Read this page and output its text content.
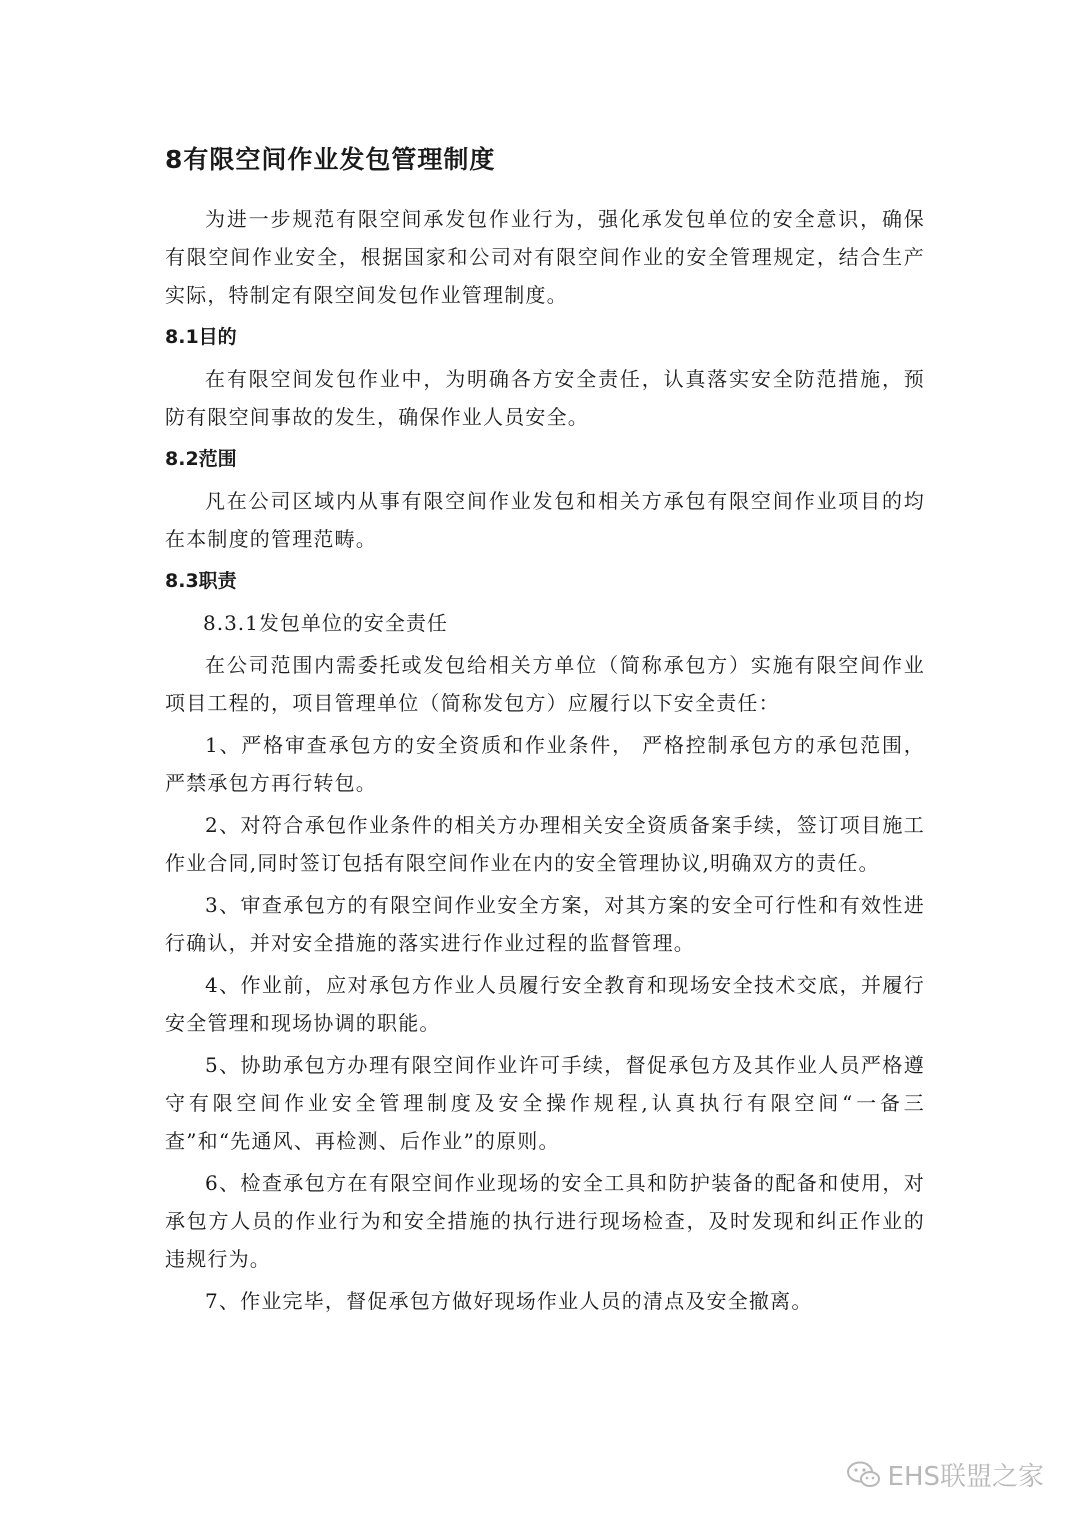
8有限空间作业发包管理制度

为进一步规范有限空间承发包作业行为，强化承发包单位的安全意识，确保有限空间作业安全，根据国家和公司对有限空间作业的安全管理规定，结合生产实际，特制定有限空间发包作业管理制度。

8.1目的

在有限空间发包作业中，为明确各方安全责任，认真落实安全防范措施，预防有限空间事故的发生，确保作业人员安全。

8.2范围

凡在公司区域内从事有限空间作业发包和相关方承包有限空间作业项目的均在本制度的管理范畴。

8.3职责

8.3.1发包单位的安全责任

在公司范围内需委托或发包给相关方单位（简称承包方）实施有限空间作业项目工程的，项目管理单位（简称发包方）应履行以下安全责任：

1、严格审查承包方的安全资质和作业条件， 严格控制承包方的承包范围，严禁承包方再行转包。

2、对符合承包作业条件的相关方办理相关安全资质备案手续，签订项目施工作业合同,同时签订包括有限空间作业在内的安全管理协议,明确双方的责任。

3、审查承包方的有限空间作业安全方案，对其方案的安全可行性和有效性进行确认，并对安全措施的落实进行作业过程的监督管理。

4、作业前，应对承包方作业人员履行安全教育和现场安全技术交底，并履行安全管理和现场协调的职能。

5、协助承包方办理有限空间作业许可手续，督促承包方及其作业人员严格遵守有限空间作业安全管理制度及安全操作规程,认真执行有限空间“一备三查”和“先通风、再检测、后作业”的原则。

6、检查承包方在有限空间作业现场的安全工具和防护装备的配备和使用，对承包方人员的作业行为和安全措施的执行进行现场检查，及时发现和纠正作业的违规行为。

7、作业完毕，督促承包方做好现场作业人员的清点及安全撤离。

EHS联盟之家
